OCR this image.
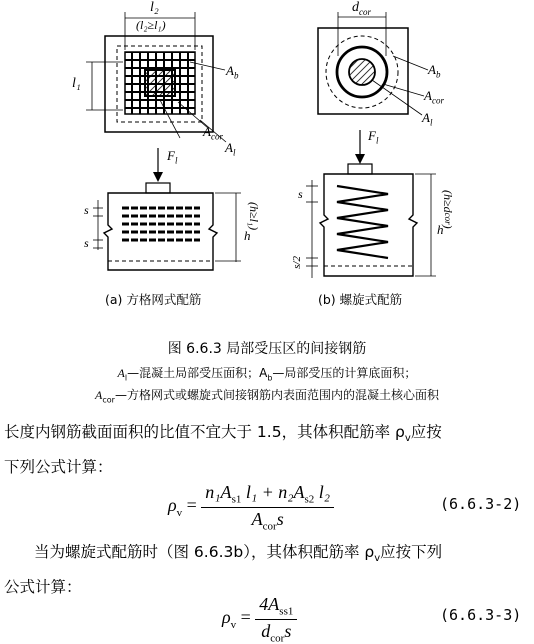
l₂
(l₂≥l₁)
l₁
$A_b$
$A_{cor}$
$A_l$
$F_l$
s
s	h
(h≥l₁)
(a) 方格网式配筋
$d_{cor}$
$A_b$
$A_{cor}$
$A_l$
$F_l$
s
s/2
h
(h≥dcor)
(b) 螺旋式配筋
图 6.6.3 局部受压区的间接钢筋
$A_l—$混凝土局部受压面积；$A_b—$局部受压的计算底面积；
$A_{cor}—$方格网式或螺旋式间接钢筋内表面范围内的混凝土核心面积
长度内钢筋截面面积的比值不宜大于 1.5，其体积配筋率 $\rho_v$应按
下列公式计算：
$\rho_v = \frac{n_1A_{s1} l_1 + n_2A_{s2} l_2}{A_{cor}s}$	(6.6.3-2)
当为螺旋式配筋时（图 6.6.3b），其体积配筋率 $\rho_v$应按下列
公式计算：
$\rho_v = \frac{4A_{ss1}}{d_{cor}s}$	(6.6.3-3)
